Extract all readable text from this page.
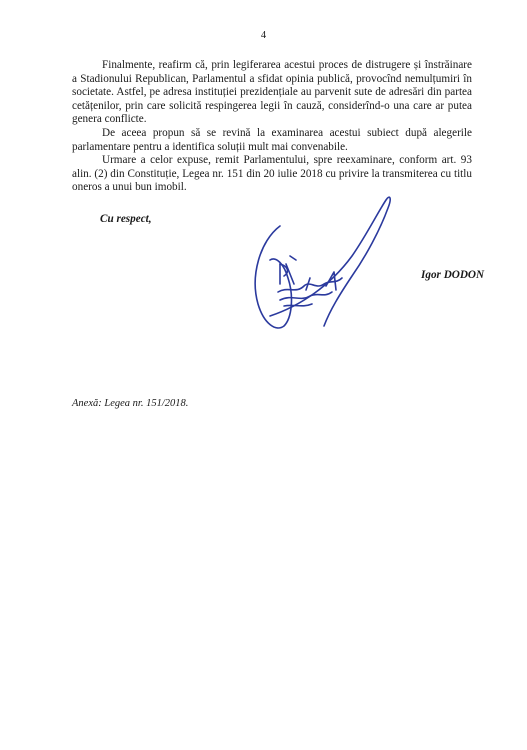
4

Finalmente, reafirm că, prin legiferarea acestui proces de distrugere și înstrăinare a Stadionului Republican, Parlamentul a sfidat opinia publică, provocînd nemulțumiri în societate. Astfel, pe adresa instituției prezidențiale au parvenit sute de adresări din partea cetățenilor, prin care solicită respingerea legii în cauză, considerînd-o una care ar putea genera conflicte.

De aceea propun să se revină la examinarea acestui subiect după alegerile parlamentare pentru a identifica soluții mult mai convenabile.

Urmare a celor expuse, remit Parlamentului, spre reexaminare, conform art. 93 alin. (2) din Constituție, Legea nr. 151 din 20 iulie 2018 cu privire la transmiterea cu titlu oneros a unui bun imobil.

Cu respect,
Igor DODON
Anexă: Legea nr. 151/2018.
